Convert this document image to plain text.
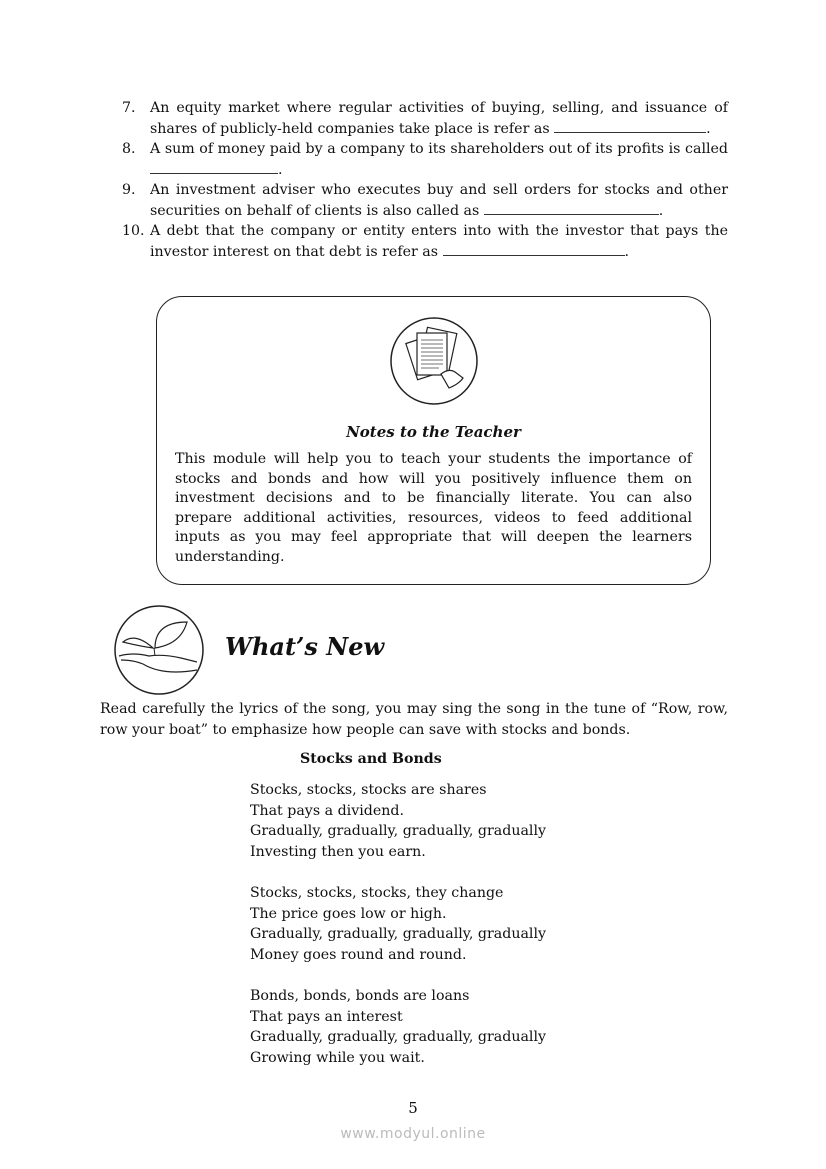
7. An equity market where regular activities of buying, selling, and issuance of shares of publicly-held companies take place is refer as	.
8. A sum of money paid by a company to its shareholders out of its profits is called .
9. An investment adviser who executes buy and sell orders for stocks and other securities on behalf of clients is also called as	.
10. A debt that the company or entity enters into with the investor that pays the investor interest on that debt is refer as	.
Notes to the Teacher
This module will help you to teach your students the importance of stocks and bonds and how will you positively influence them on investment decisions and to be financially literate. You can also prepare additional activities, resources, videos to feed additional inputs as you may feel appropriate that will deepen the learners understanding.
What’s New
Read carefully the lyrics of the song, you may sing the song in the tune of “Row, row, row your boat” to emphasize how people can save with stocks and bonds.
Stocks and Bonds
Stocks, stocks, stocks are shares
That pays a dividend.
Gradually, gradually, gradually, gradually
Investing then you earn.
Stocks, stocks, stocks, they change
The price goes low or high.
Gradually, gradually, gradually, gradually
Money goes round and round.
Bonds, bonds, bonds are loans
That pays an interest
Gradually, gradually, gradually, gradually
Growing while you wait.
5
www.modyul.online
